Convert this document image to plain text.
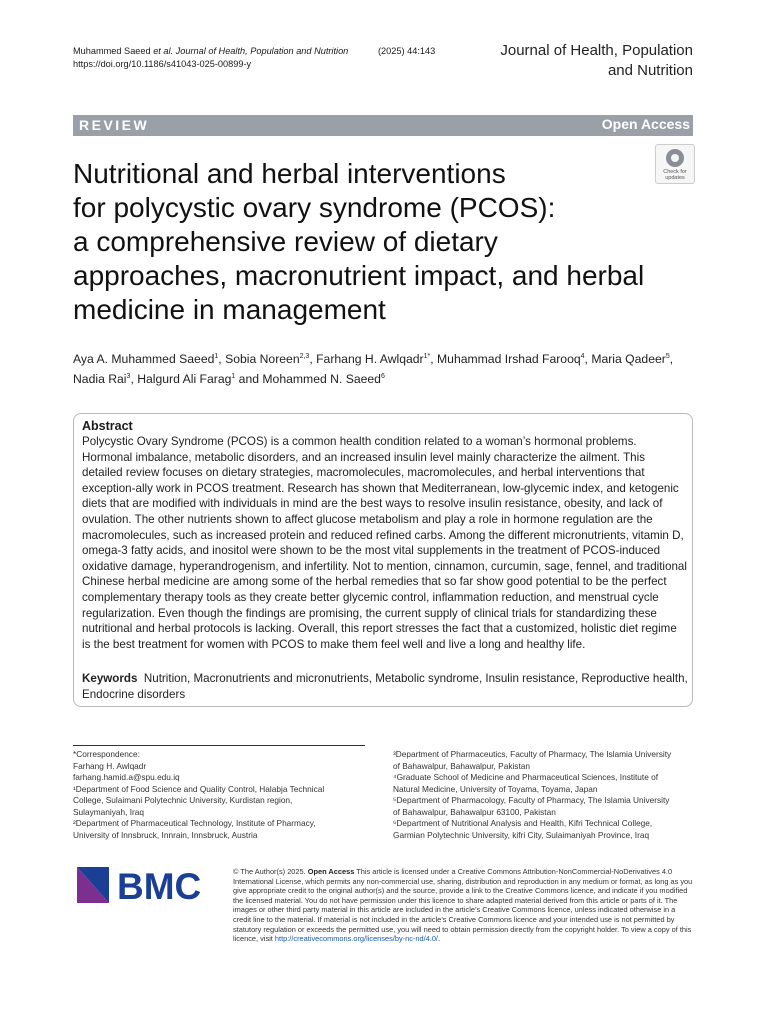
Muhammed Saeed et al. Journal of Health, Population and Nutrition	(2025) 44:143
https://doi.org/10.1186/s41043-025-00899-y
Journal of Health, Population
and Nutrition
REVIEW	Open Access
Check for
updates
Nutritional and herbal interventions
for polycystic ovary syndrome (PCOS):
a comprehensive review of dietary
approaches, macronutrient impact, and herbal
medicine in management
Aya A. Muhammed Saeed$^1$, Sobia Noreen$^{2,3}$, Farhang H. Awlqadr$^{1*}$, Muhammad Irshad Farooq$^4$, Maria Qadeer$^5$, Nadia Rai$^3$, Halgurd Ali Farag$^1$ and Mohammed N. Saeed$^6$
Abstract
Polycystic Ovary Syndrome (PCOS) is a common health condition related to a woman’s hormonal problems. Hormonal imbalance, metabolic disorders, and an increased insulin level mainly characterize the ailment. This detailed review focuses on dietary strategies, macromolecules, macromolecules, and herbal interventions that exception-ally work in PCOS treatment. Research has shown that Mediterranean, low-glycemic index, and ketogenic diets that are modified with individuals in mind are the best ways to resolve insulin resistance, obesity, and lack of ovulation. The other nutrients shown to affect glucose metabolism and play a role in hormone regulation are the macromolecules, such as increased protein and reduced refined carbs. Among the different micronutrients, vitamin D, omega-3 fatty acids, and inositol were shown to be the most vital supplements in the treatment of PCOS-induced oxidative damage, hyperandrogenism, and infertility. Not to mention, cinnamon, curcumin, sage, fennel, and traditional Chinese herbal medicine are among some of the herbal remedies that so far show good potential to be the perfect complementary therapy tools as they create better glycemic control, inflammation reduction, and menstrual cycle regularization. Even though the findings are promising, the current supply of clinical trials for standardizing these nutritional and herbal protocols is lacking. Overall, this report stresses the fact that a customized, holistic diet regime is the best treatment for women with PCOS to make them feel well and live a long and healthy life.
Keywords Nutrition, Macronutrients and micronutrients, Metabolic syndrome, Insulin resistance, Reproductive health, Endocrine disorders
*Correspondence:
Farhang H. Awlqadr
farhang.hamid.a@spu.edu.iq
¹Department of Food Science and Quality Control, Halabja Technical College, Sulaimani Polytechnic University, Kurdistan region, Sulaymaniyah, Iraq
²Department of Pharmaceutical Technology, Institute of Pharmacy, University of Innsbruck, Innrain, Innsbruck, Austria
³Department of Pharmaceutics, Faculty of Pharmacy, The Islamia University of Bahawalpur, Bahawalpur, Pakistan
⁴Graduate School of Medicine and Pharmaceutical Sciences, Institute of Natural Medicine, University of Toyama, Toyama, Japan
⁵Department of Pharmacology, Faculty of Pharmacy, The Islamia University of Bahawalpur, Bahawalpur 63100, Pakistan
⁶Department of Nutritional Analysis and Health, Kifri Technical College, Garmian Polytechnic University, kifri City, Sulaimaniyah Province, Iraq
BMC	© The Author(s) 2025. Open Access This article is licensed under a Creative Commons Attribution-NonCommercial-NoDerivatives 4.0 International License, which permits any non-commercial use, sharing, distribution and reproduction in any medium or format, as long as you give appropriate credit to the original author(s) and the source, provide a link to the Creative Commons licence, and indicate if you modified the licensed material. You do not have permission under this licence to share adapted material derived from this article or parts of it. The images or other third party material in this article are included in the article’s Creative Commons licence, unless indicated otherwise in a credit line to the material. If material is not included in the article’s Creative Commons licence and your intended use is not permitted by statutory regulation or exceeds the permitted use, you will need to obtain permission directly from the copyright holder. To view a copy of this licence, visit http://creativecommons.org/licenses/by-nc-nd/4.0/.
